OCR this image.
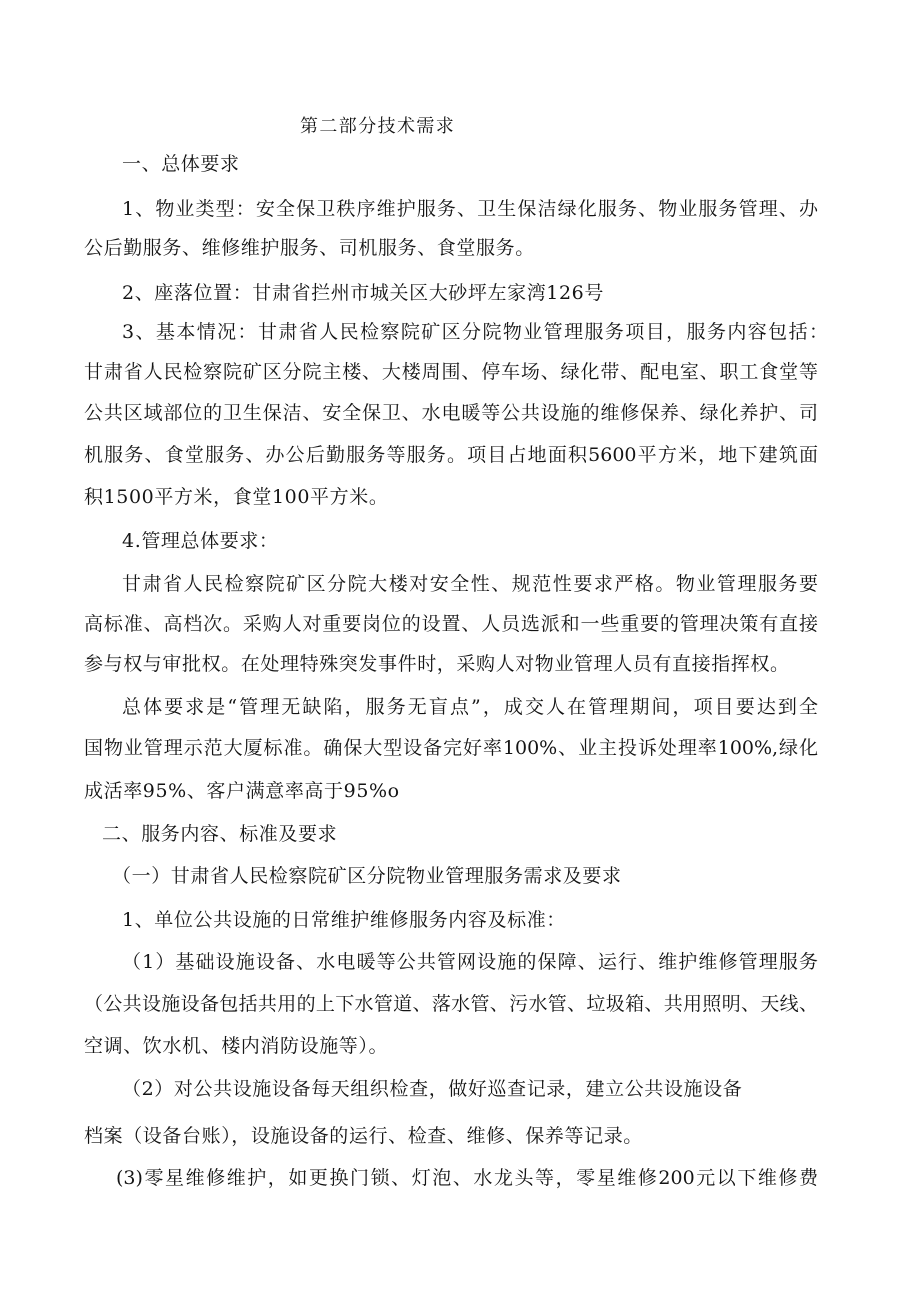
第二部分技术需求
一、总体要求
1、物业类型：安全保卫秩序维护服务、卫生保洁绿化服务、物业服务管理、办
公后勤服务、维修维护服务、司机服务、食堂服务。
2、座落位置：甘肃省拦州市城关区大砂坪左家湾126号
3、基本情况：甘肃省人民检察院矿区分院物业管理服务项目，服务内容包括：
甘肃省人民检察院矿区分院主楼、大楼周围、停车场、绿化带、配电室、职工食堂等
公共区域部位的卫生保洁、安全保卫、水电暖等公共设施的维修保养、绿化养护、司
机服务、食堂服务、办公后勤服务等服务。项目占地面积5600平方米，地下建筑面
积1500平方米，食堂100平方米。
4.管理总体要求：
甘肃省人民检察院矿区分院大楼对安全性、规范性要求严格。物业管理服务要
高标准、高档次。采购人对重要岗位的设置、人员选派和一些重要的管理决策有直接
参与权与审批权。在处理特殊突发事件时，采购人对物业管理人员有直接指挥权。
总体要求是“管理无缺陷，服务无盲点”，成交人在管理期间，项目要达到全
国物业管理示范大厦标准。确保大型设备完好率100%、业主投诉处理率100%,绿化
成活率95%、客户满意率高于95%o
二、服务内容、标准及要求
（一）甘肃省人民检察院矿区分院物业管理服务需求及要求
1、单位公共设施的日常维护维修服务内容及标准：
（1）基础设施设备、水电暖等公共管网设施的保障、运行、维护维修管理服务
（公共设施设备包括共用的上下水管道、落水管、污水管、垃圾箱、共用照明、天线、
空调、饮水机、楼内消防设施等）。
（2）对公共设施设备每天组织检查，做好巡查记录，建立公共设施设备
档案（设备台账），设施设备的运行、检查、维修、保养等记录。
(3)零星维修维护，如更换门锁、灯泡、水龙头等，零星维修200元以下维修费
